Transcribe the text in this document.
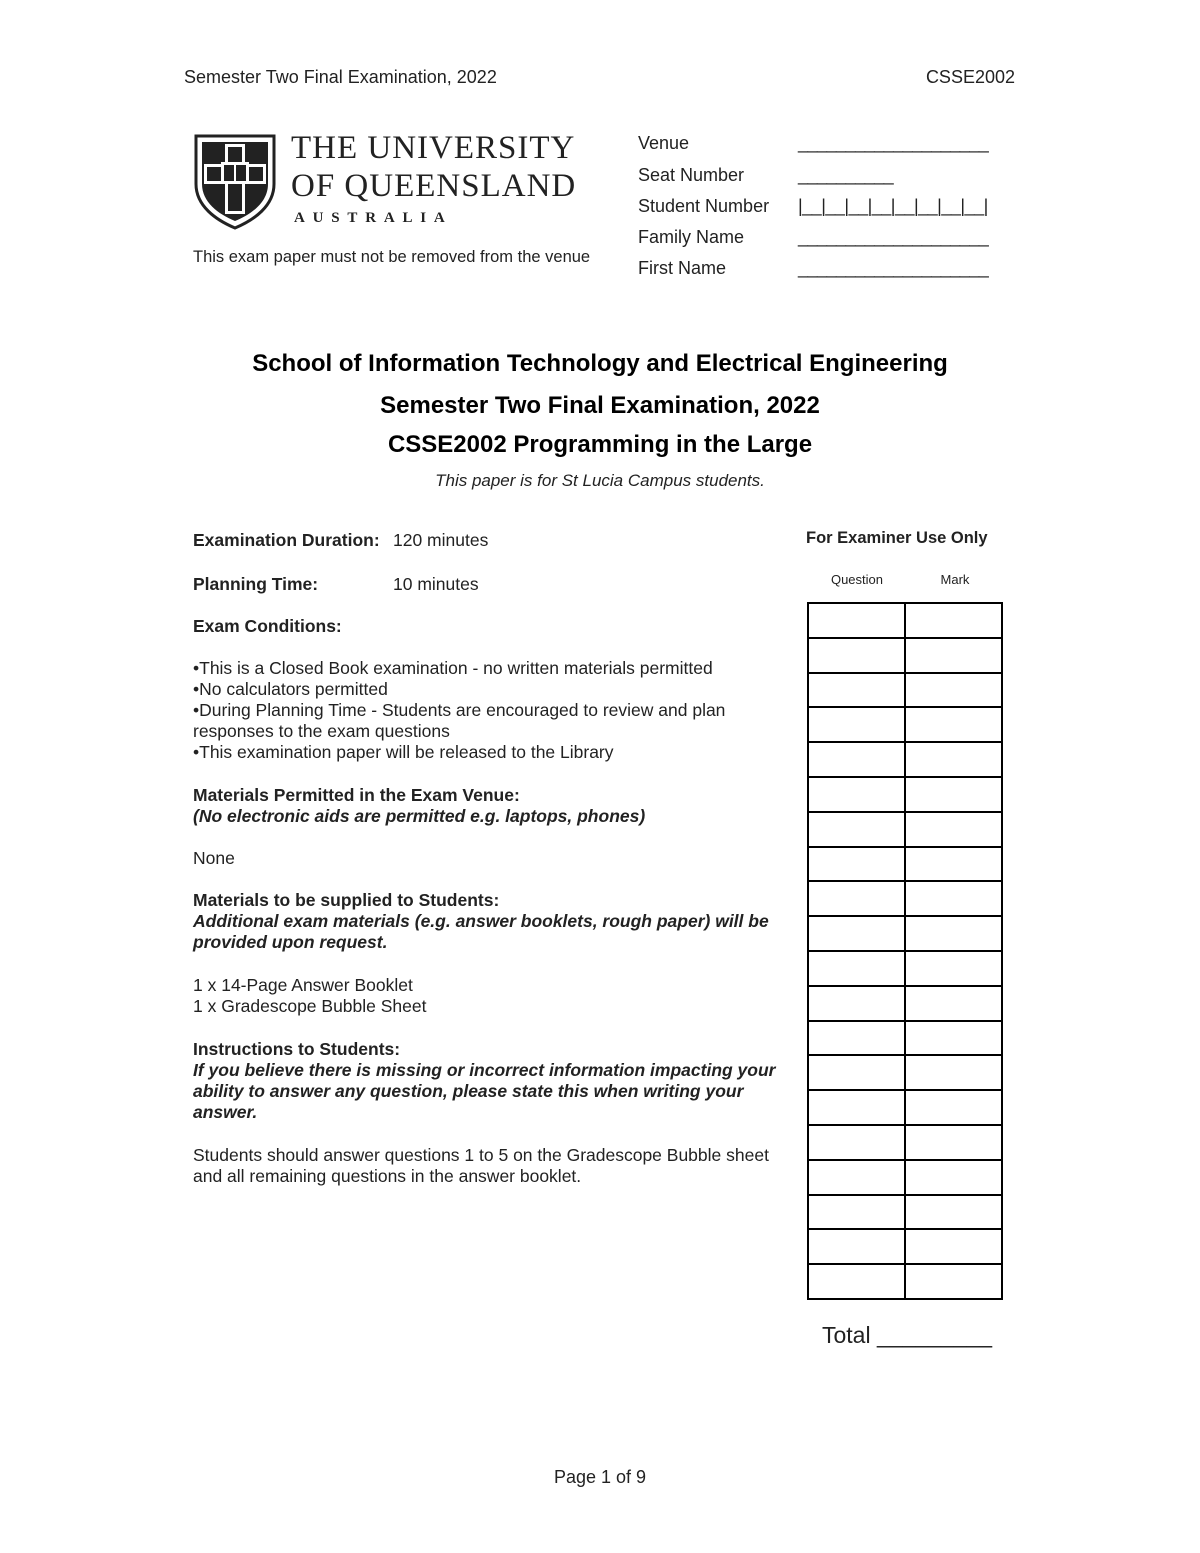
Semester Two Final Examination, 2022	CSSE2002
THE UNIVERSITY
OF QUEENSLAND
AUSTRALIA
This exam paper must not be removed from the venue
Venue	____________________
Seat Number	__________
Student Number |__|__|__|__|__|__|__|__|
Family Name	____________________
First Name	____________________
School of Information Technology and Electrical Engineering
Semester Two Final Examination, 2022
CSSE2002 Programming in the Large
This paper is for St Lucia Campus students.
Examination Duration: 120 minutes
Planning Time:	10 minutes
Exam Conditions:
•This is a Closed Book examination - no written materials permitted
•No calculators permitted
•During Planning Time - Students are encouraged to review and plan responses to the exam questions
•This examination paper will be released to the Library
Materials Permitted in the Exam Venue:
(No electronic aids are permitted e.g. laptops, phones)
None
Materials to be supplied to Students:
Additional exam materials (e.g. answer booklets, rough paper) will be provided upon request.
1 x 14-Page Answer Booklet
1 x Gradescope Bubble Sheet
Instructions to Students:
If you believe there is missing or incorrect information impacting your ability to answer any question, please state this when writing your answer.
Students should answer questions 1 to 5 on the Gradescope Bubble sheet and all remaining questions in the answer booklet.
For Examiner Use Only
Question	Mark

Total _________
Page 1 of 9
